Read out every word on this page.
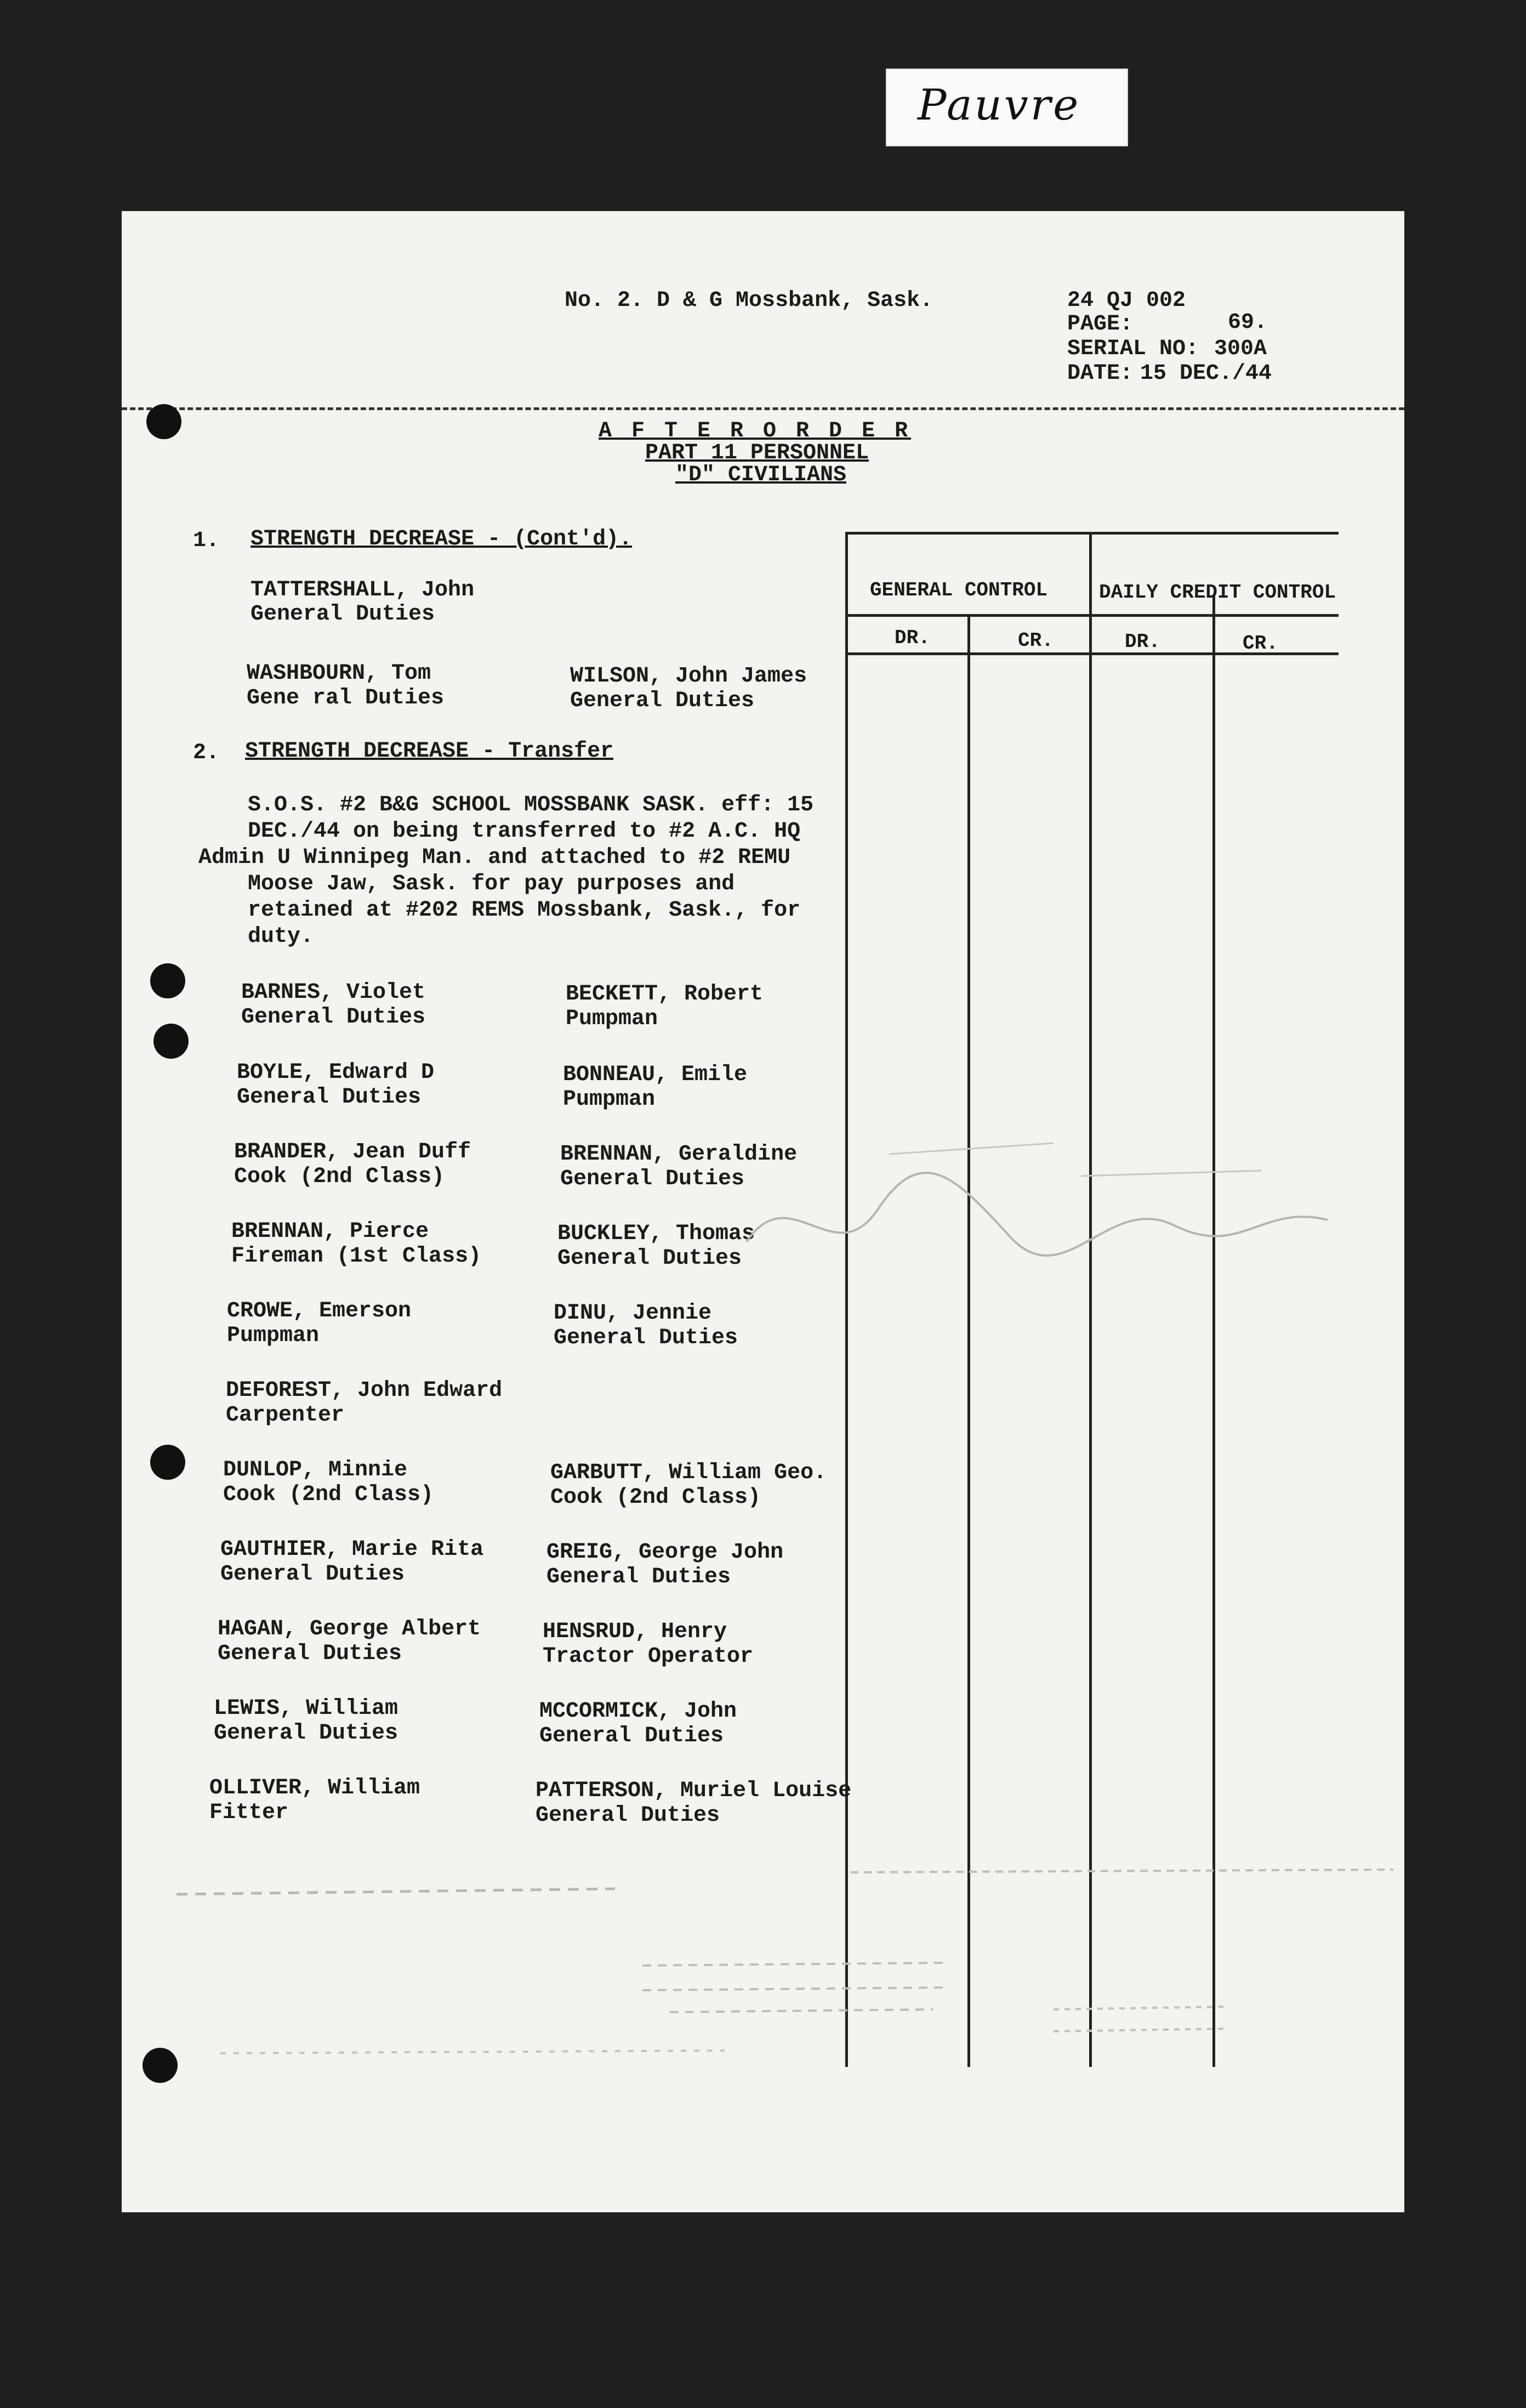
Pauvre
No. 2. D & G Mossbank, Sask.	24 QJ 002
PAGE:	69.
SERIAL NO: 300A
DATE: 15 DEC./44
A F T E R O R D E R
PART 11 PERSONNEL
"D" CIVILIANS
GENERAL CONTROL	DAILY CREDIT CONTROL
DR.	CR.	DR.	CR.
1. STRENGTH DECREASE - (Cont'd).
TATTERSHALL, John
General Duties
WASHBOURN, Tom
Gene ral Duties
WILSON, John James
General Duties
2. STRENGTH DECREASE - Transfer
S.O.S. #2 B&G SCHOOL MOSSBANK SASK. eff: 15
DEC./44 on being transferred to #2 A.C. HQ
Admin U Winnipeg Man. and attached to #2 REMU
Moose Jaw, Sask. for pay purposes and
retained at #202 REMS Mossbank, Sask., for
duty.
BARNES, Violet
General Duties
BOYLE, Edward D
General Duties
BRANDER, Jean Duff
Cook (2nd Class)
BRENNAN, Pierce
Fireman (1st Class)
CROWE, Emerson
Pumpman
DEFOREST, John Edward
Carpenter
DUNLOP, Minnie
Cook (2nd Class)
GAUTHIER, Marie Rita
General Duties
HAGAN, George Albert
General Duties
LEWIS, William
General Duties
OLLIVER, William
Fitter
BECKETT, Robert
Pumpman
BONNEAU, Emile
Pumpman
BRENNAN, Geraldine
General Duties
BUCKLEY, Thomas
General Duties
DINU, Jennie
General Duties
GARBUTT, William Geo.
Cook (2nd Class)
GREIG, George John
General Duties
HENSRUD, Henry
Tractor Operator
MCCORMICK, John
General Duties
PATTERSON, Muriel Louise
General Duties
